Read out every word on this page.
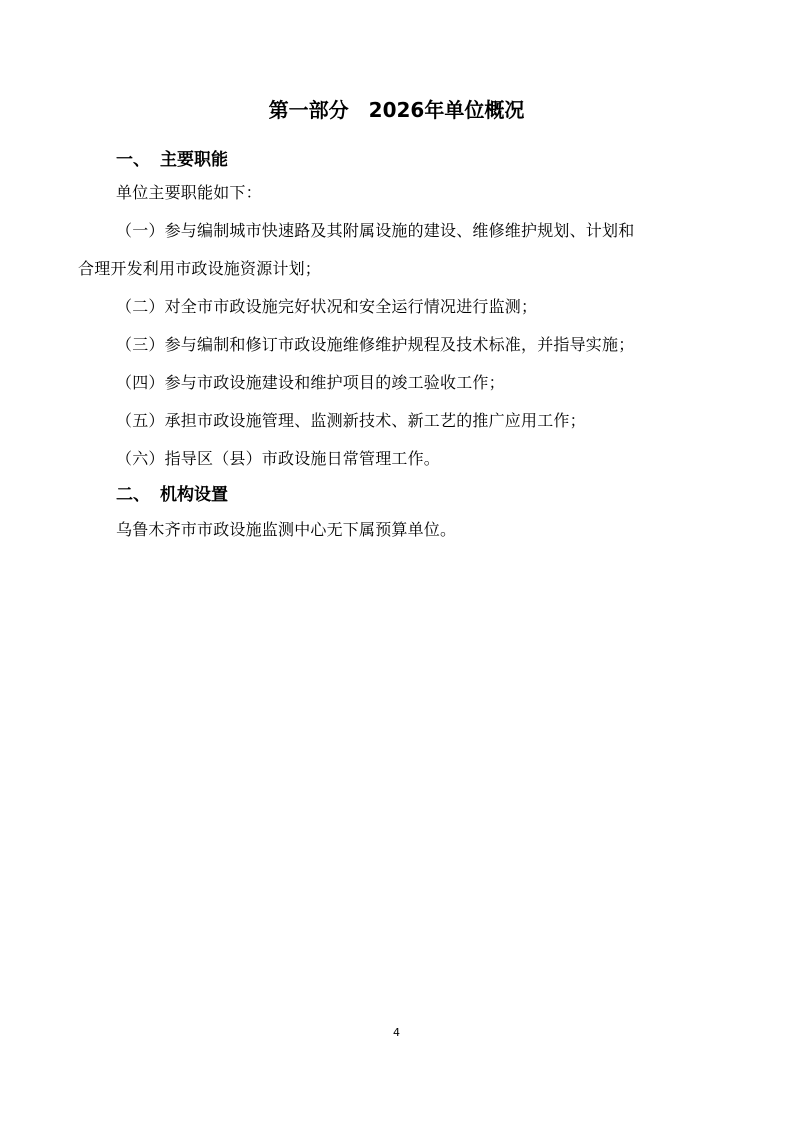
第一部分　2026年单位概况
一、 主要职能
单位主要职能如下：
（一）参与编制城市快速路及其附属设施的建设、维修维护规划、计划和
合理开发利用市政设施资源计划；
（二）对全市市政设施完好状况和安全运行情况进行监测；
（三）参与编制和修订市政设施维修维护规程及技术标准，并指导实施；
（四）参与市政设施建设和维护项目的竣工验收工作；
（五）承担市政设施管理、监测新技术、新工艺的推广应用工作；
（六）指导区（县）市政设施日常管理工作。
二、 机构设置
乌鲁木齐市市政设施监测中心无下属预算单位。
4
